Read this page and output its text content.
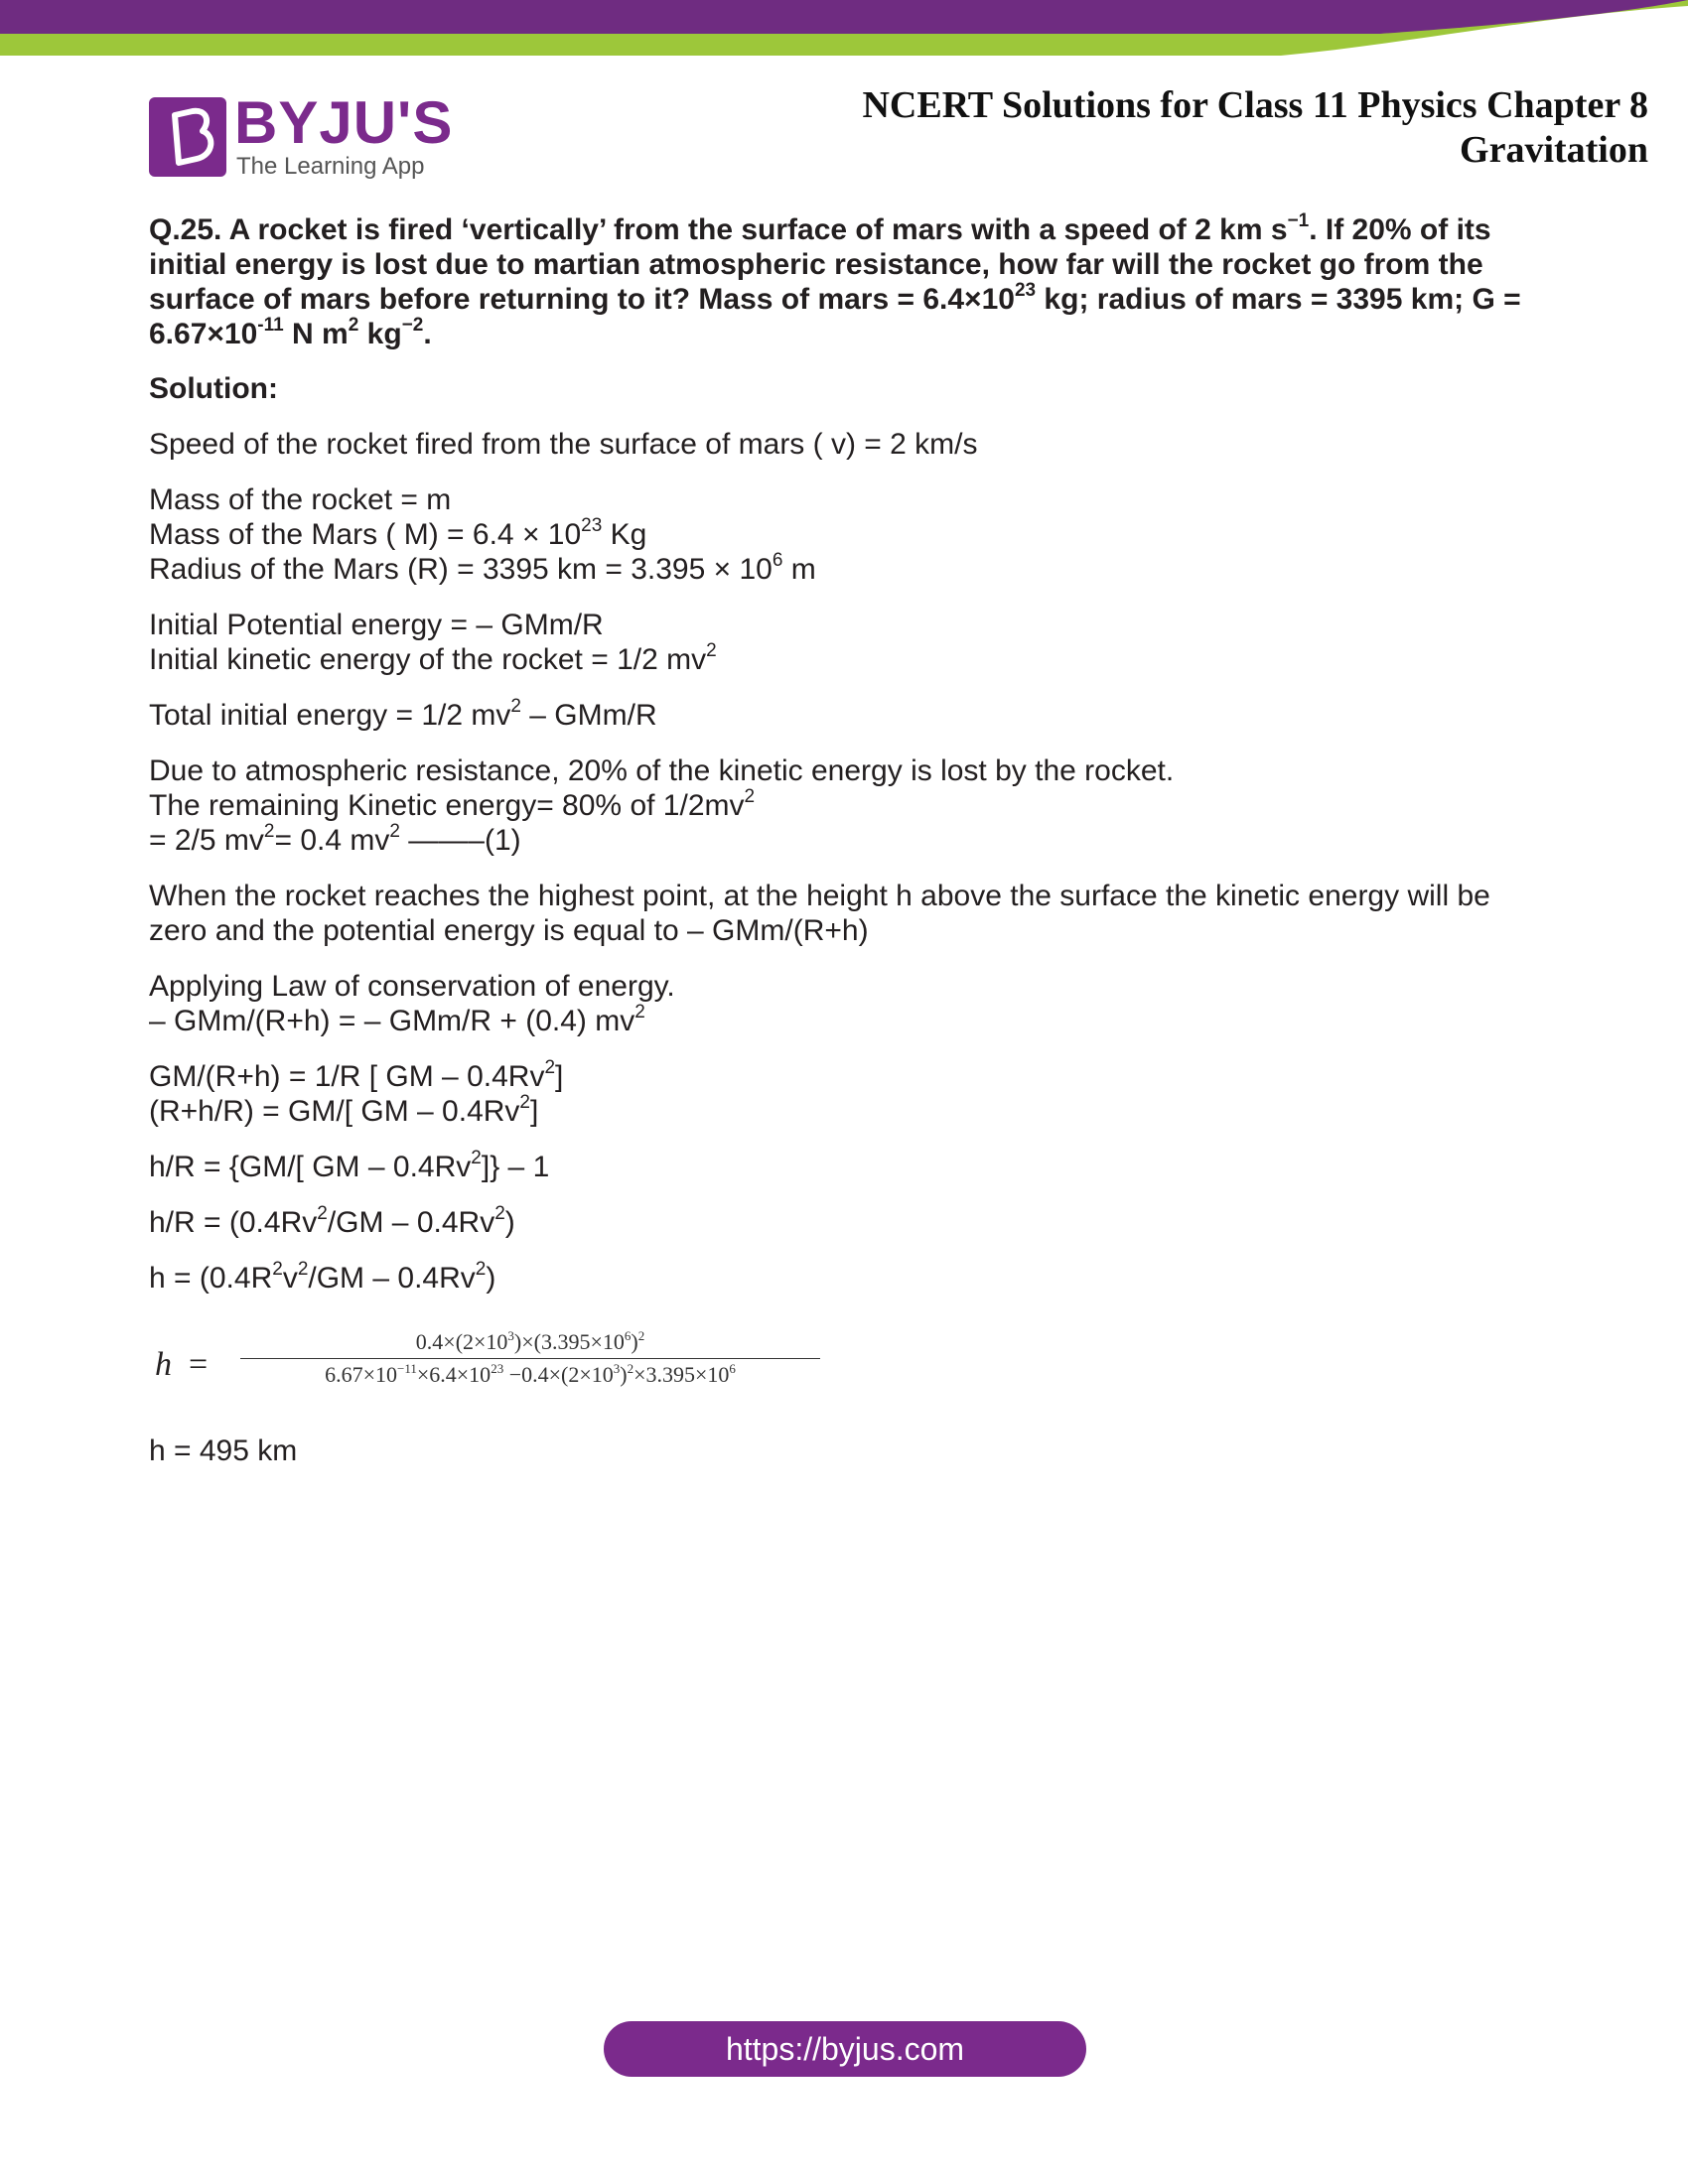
BYJU'S
The Learning App
NCERT Solutions for Class 11 Physics Chapter 8
Gravitation

Q.25. A rocket is fired ‘vertically’ from the surface of mars with a speed of 2 km $s^{-1}$. If 20% of its initial energy is lost due to martian atmospheric resistance, how far will the rocket go from the surface of mars before returning to it? Mass of mars = $6.4\times 10^{23}$ kg; radius of mars = 3395 km; $G = 6.67\times 10^{-11}$ N $m^2$ $kg^{-2}$.

Solution:

Speed of the rocket fired from the surface of mars ( v) = 2 km/s

Mass of the rocket = m
Mass of the Mars ( $M) = 6.4 \times 10^{23}$ Kg
Radius of the Mars (R) = 3395 km = $3.395 \times 10^6$ m

Initial Potential energy = – GMm/R
Initial kinetic energy of the rocket = 1/2 $mv^2$

Total initial energy = 1/2 $mv^2 - GMm/R$

Due to atmospheric resistance, 20% of the kinetic energy is lost by the rocket.
The remaining Kinetic energy= 80% of $1/2mv^2$
= 2/5 $mv^2= 0.4$ $mv^2$ ——–(1)

When the rocket reaches the highest point, at the height h above the surface the kinetic energy will be zero and the potential energy is equal to – GMm/(R+h)

Applying Law of conservation of energy.
– GMm/(R+h) = – GMm/R + (0.4) $mv^2$

GM/(R+h) = 1/R [ GM – 0.4Rv$^2$]
(R+h/R) = GM/[ GM – 0.4Rv$^2$]

h/R = {GM/[ GM – 0.4Rv$^2$]} – 1

$h/R = (0.4Rv^2/GM - 0.4Rv^2)$

$h = (0.4R^2v^2/GM - 0.4Rv^2)$

$h = \frac{0.4\times(2\times 10^3)\times(3.395\times 10^6)^2}{6.67\times 10^{-11}\times 6.4\times 10^{23} -0.4\times(2\times 10^3)^2\times 3.395\times 10^6}$

h = 495 km

https://byjus.com
